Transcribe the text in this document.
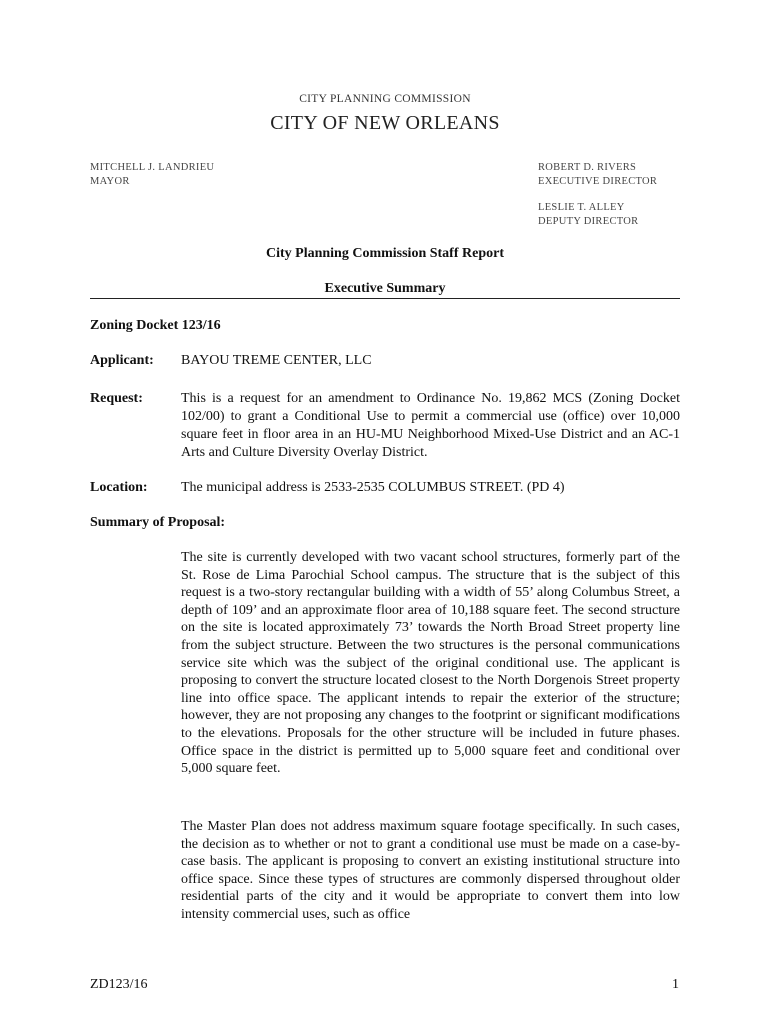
CITY PLANNING COMMISSION
CITY OF NEW ORLEANS
MITCHELL J. LANDRIEU
MAYOR
ROBERT D. RIVERS
EXECUTIVE DIRECTOR
LESLIE T. ALLEY
DEPUTY DIRECTOR
City Planning Commission Staff Report
Executive Summary
Zoning Docket 123/16
Applicant: BAYOU TREME CENTER, LLC
Request:	This is a request for an amendment to Ordinance No. 19,862 MCS (Zoning Docket 102/00) to grant a Conditional Use to permit a commercial use (office) over 10,000 square feet in floor area in an HU-MU Neighborhood Mixed-Use District and an AC-1 Arts and Culture Diversity Overlay District.
Location: The municipal address is 2533-2535 COLUMBUS STREET. (PD 4)
Summary of Proposal:
The site is currently developed with two vacant school structures, formerly part of the St. Rose de Lima Parochial School campus. The structure that is the subject of this request is a two-story rectangular building with a width of 55’ along Columbus Street, a depth of 109’ and an approximate floor area of 10,188 square feet. The second structure on the site is located approximately 73’ towards the North Broad Street property line from the subject structure. Between the two structures is the personal communications service site which was the subject of the original conditional use. The applicant is proposing to convert the structure located closest to the North Dorgenois Street property line into office space. The applicant intends to repair the exterior of the structure; however, they are not proposing any changes to the footprint or significant modifications to the elevations. Proposals for the other structure will be included in future phases. Office space in the district is permitted up to 5,000 square feet and conditional over 5,000 square feet.
The Master Plan does not address maximum square footage specifically. In such cases, the decision as to whether or not to grant a conditional use must be made on a case-by-case basis. The applicant is proposing to convert an existing institutional structure into office space. Since these types of structures are commonly dispersed throughout older residential parts of the city and it would be appropriate to convert them into low intensity commercial uses, such as office
ZD123/16	1
